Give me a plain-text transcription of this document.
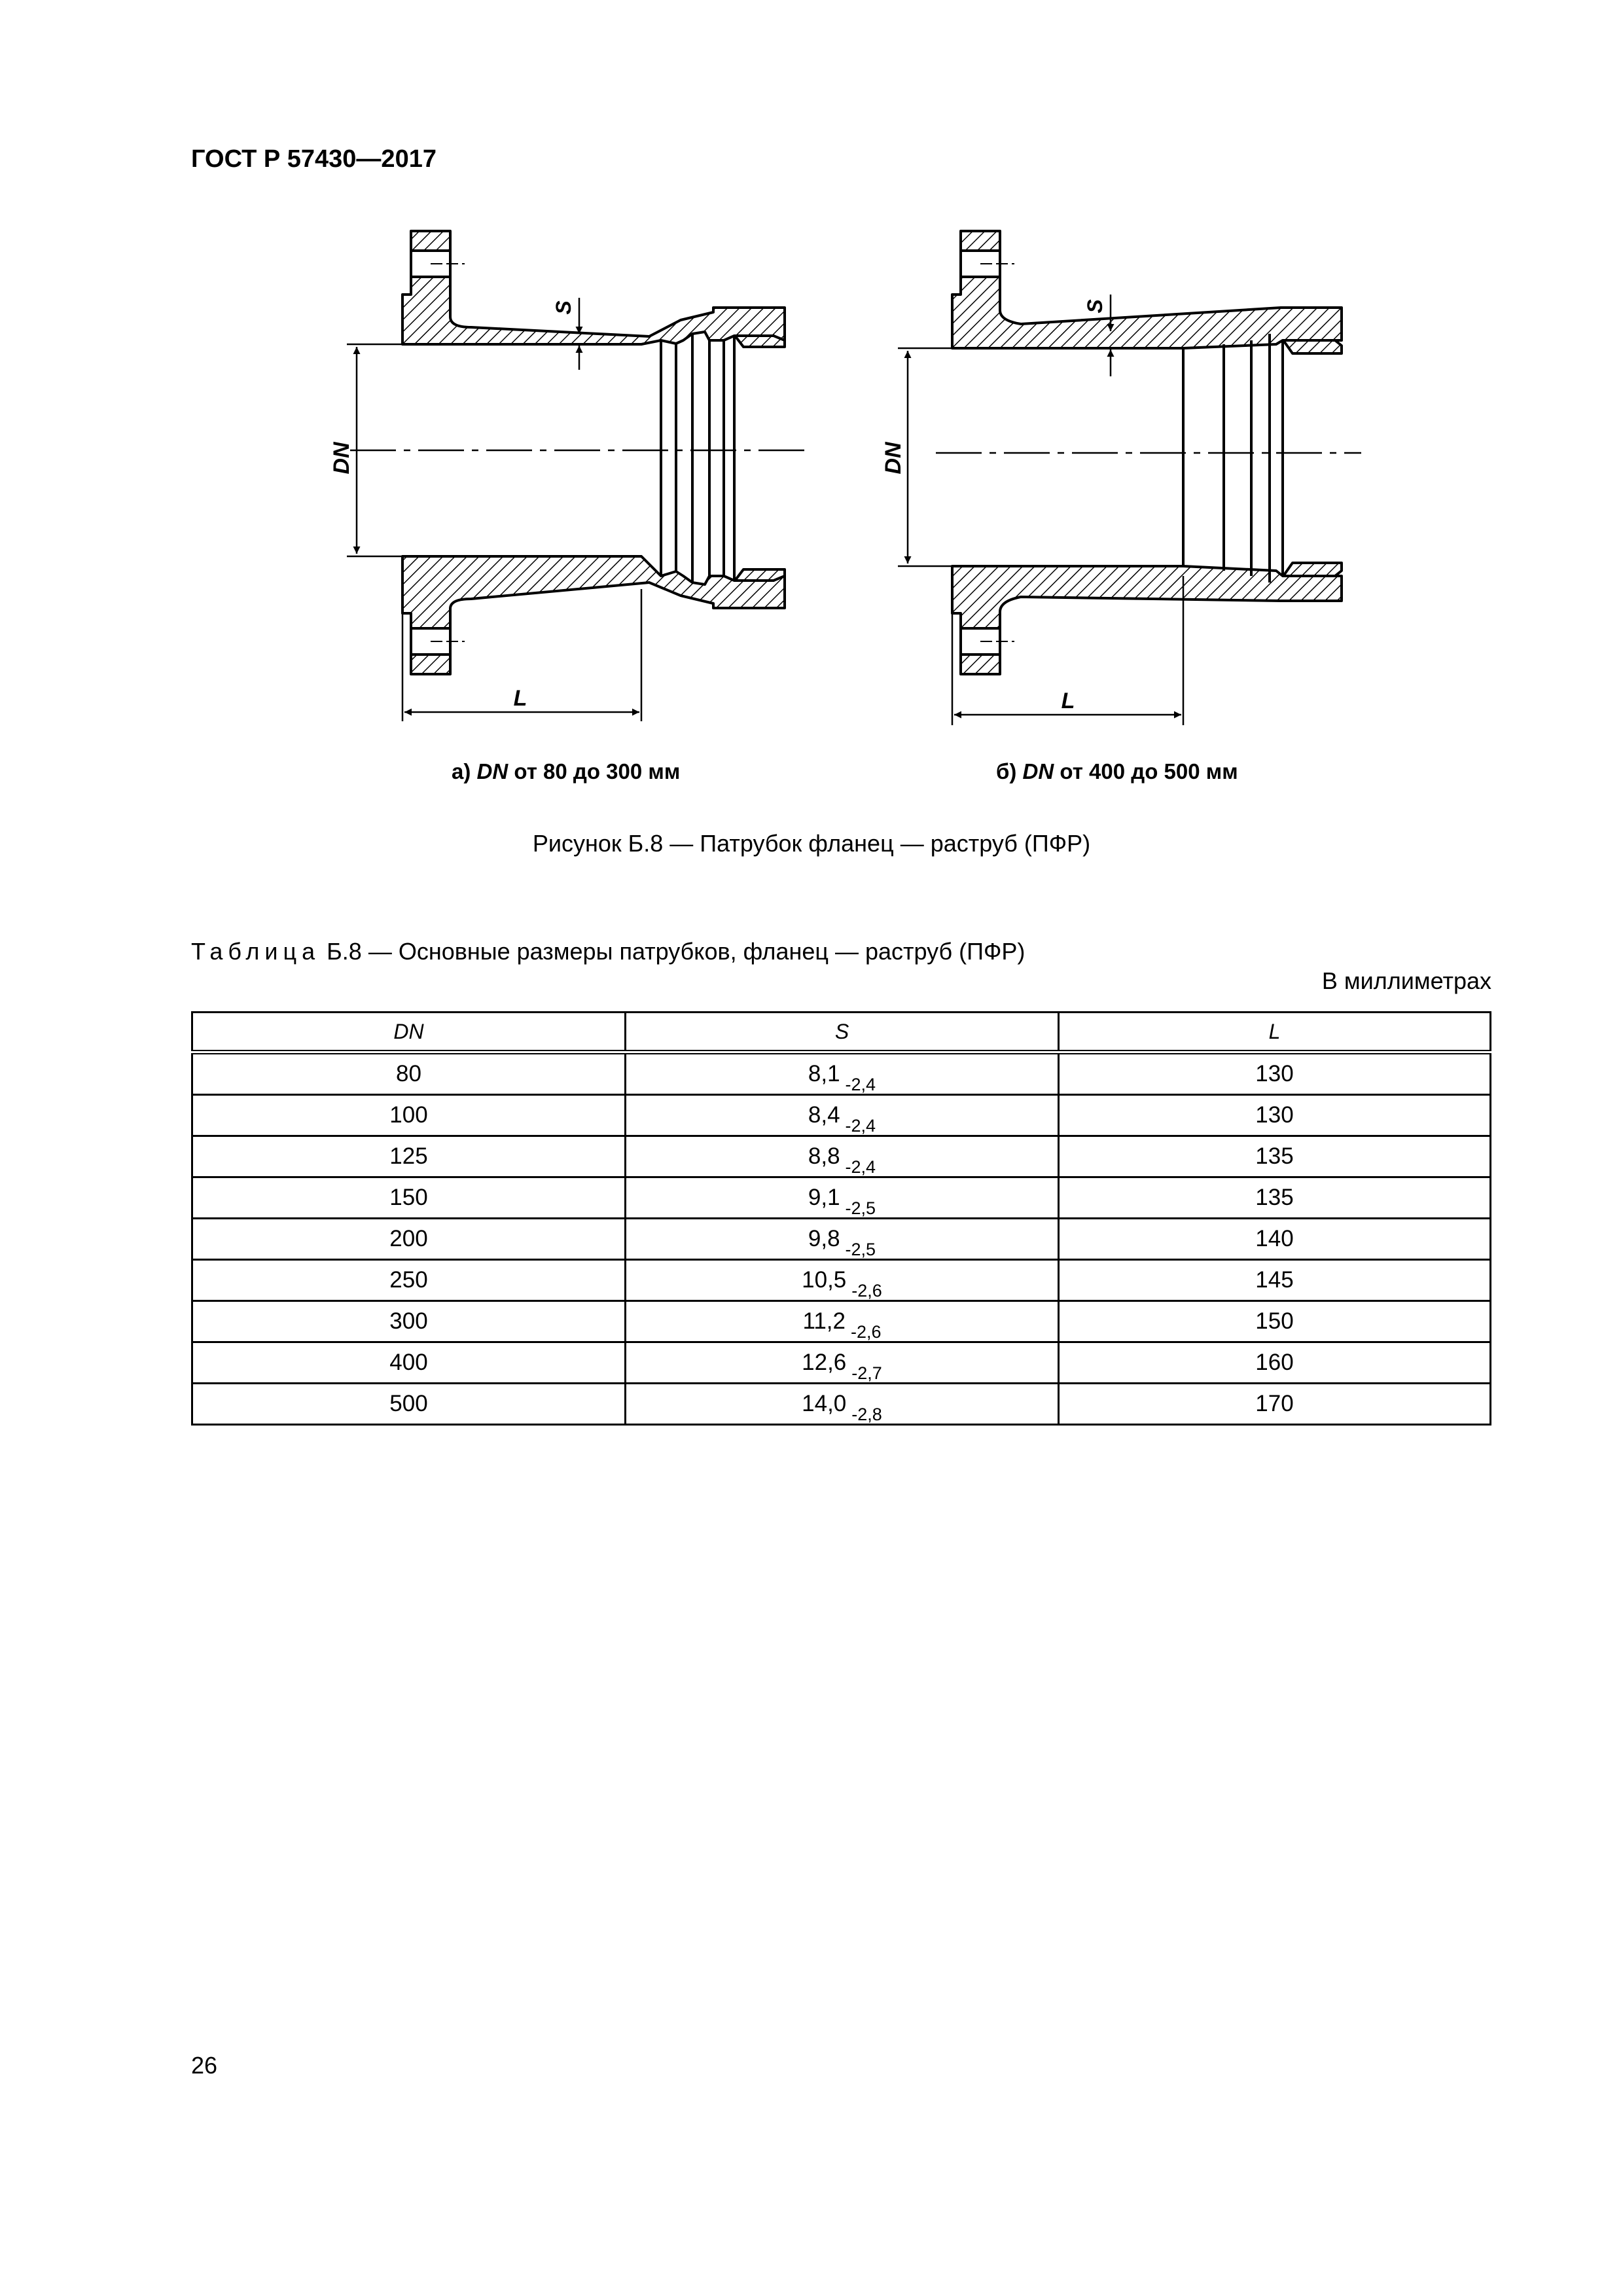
ГОСТ Р 57430—2017
DN
S
L
DN
S
L
а) DN от 80 до 300 мм	б) DN от 400 до 500 мм
Рисунок Б.8 — Патрубок фланец — раструб (ПФР)
Таблица Б.8 — Основные размеры патрубков, фланец — раструб (ПФР)
В миллиметрах
DN	S	L
80	8,1 $_{-2,4}$	130
100	8,4 $_{-2,4}$	130
125	8,8 $_{-2,4}$	135
150	9,1 $_{-2,5}$	135
200	9,8 $_{-2,5}$	140
250	10,5 $_{-2,6}$	145
300	11,2 $_{-2,6}$	150
400	12,6 $_{-2,7}$	160
500	14,0 $_{-2,8}$	170
26
